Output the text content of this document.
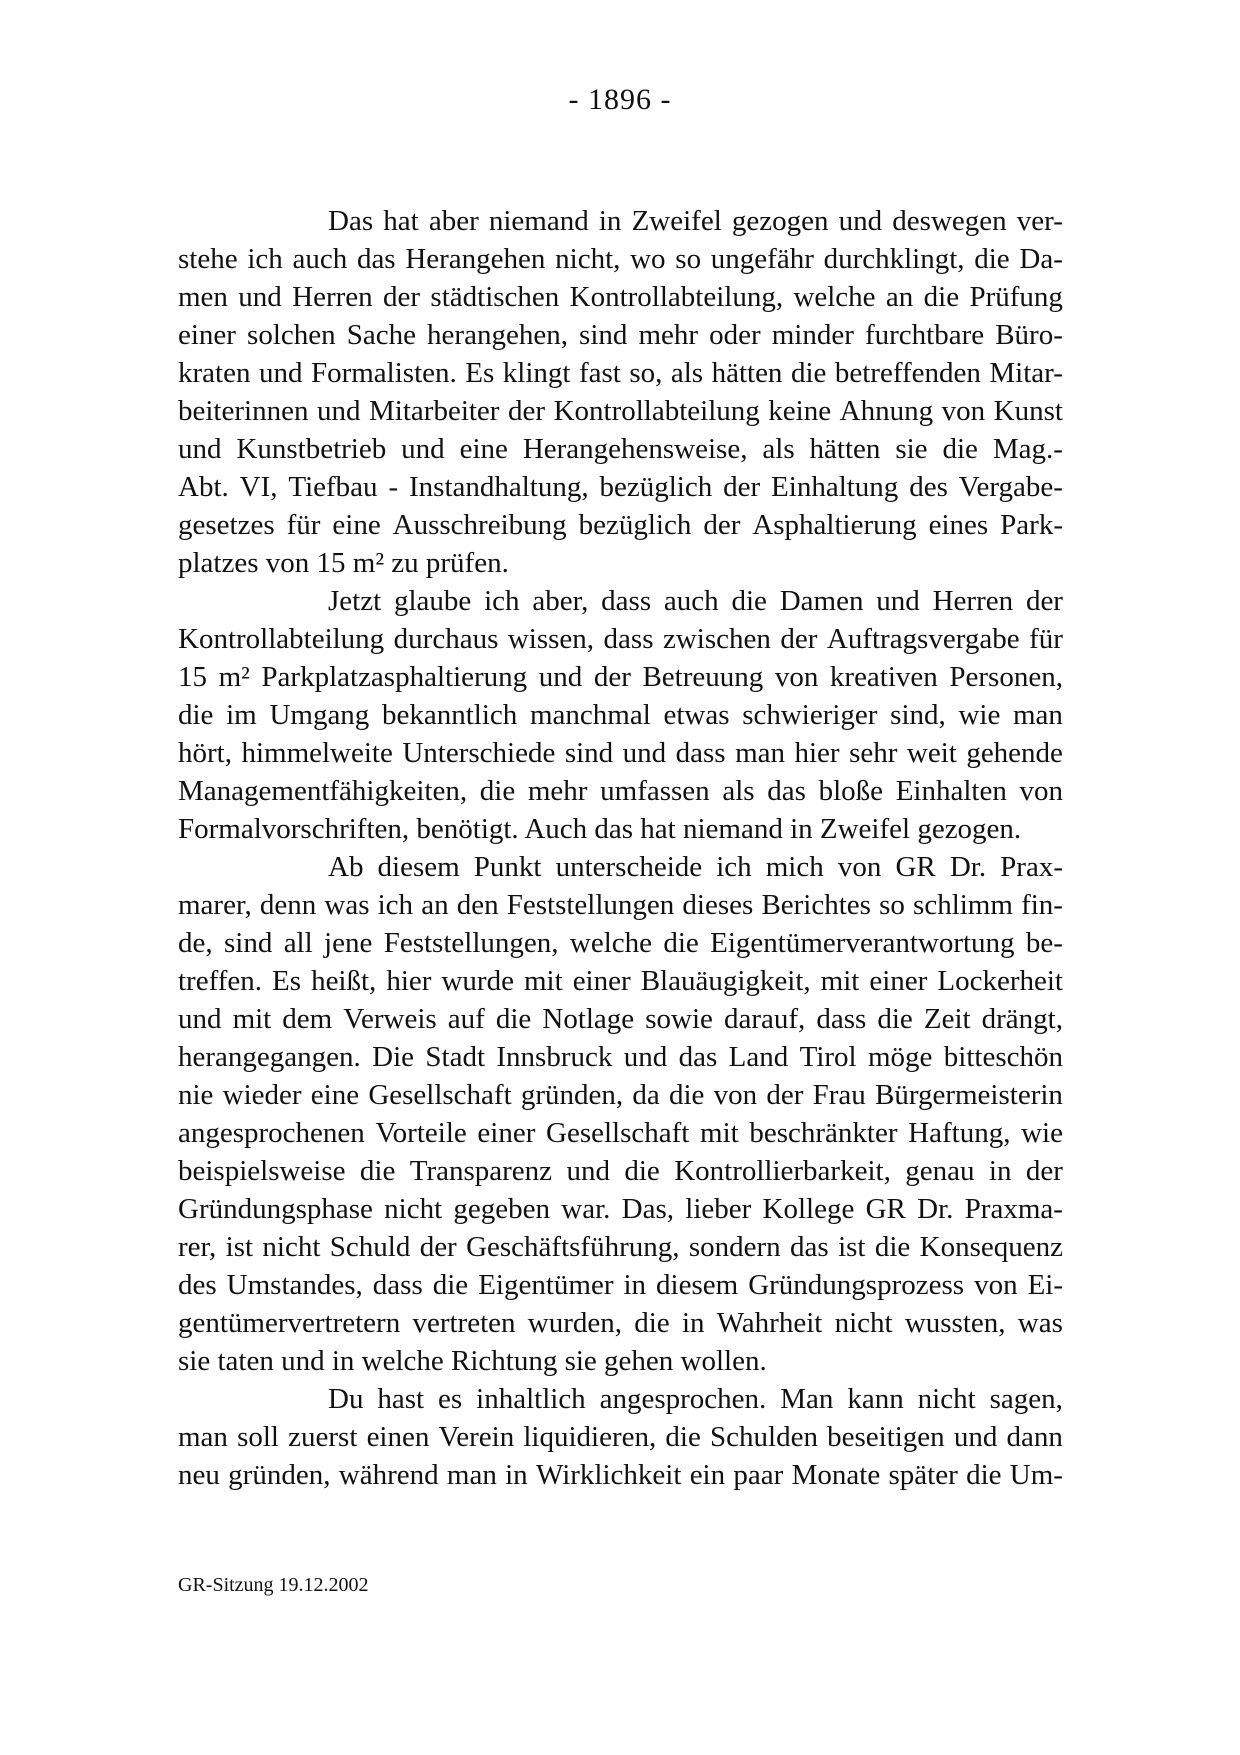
- 1896 -
Das hat aber niemand in Zweifel gezogen und deswegen ver-
stehe ich auch das Herangehen nicht, wo so ungefähr durchklingt, die Da-
men und Herren der städtischen Kontrollabteilung, welche an die Prüfung
einer solchen Sache herangehen, sind mehr oder minder furchtbare Büro-
kraten und Formalisten. Es klingt fast so, als hätten die betreffenden Mitar-
beiterinnen und Mitarbeiter der Kontrollabteilung keine Ahnung von Kunst
und Kunstbetrieb und eine Herangehensweise, als hätten sie die Mag.-
Abt. VI, Tiefbau - Instandhaltung, bezüglich der Einhaltung des Vergabe-
gesetzes für eine Ausschreibung bezüglich der Asphaltierung eines Park-
platzes von 15 m² zu prüfen.
Jetzt glaube ich aber, dass auch die Damen und Herren der
Kontrollabteilung durchaus wissen, dass zwischen der Auftragsvergabe für
15 m² Parkplatzasphaltierung und der Betreuung von kreativen Personen,
die im Umgang bekanntlich manchmal etwas schwieriger sind, wie man
hört, himmelweite Unterschiede sind und dass man hier sehr weit gehende
Managementfähigkeiten, die mehr umfassen als das bloße Einhalten von
Formalvorschriften, benötigt. Auch das hat niemand in Zweifel gezogen.
Ab diesem Punkt unterscheide ich mich von GR Dr. Prax-
marer, denn was ich an den Feststellungen dieses Berichtes so schlimm fin-
de, sind all jene Feststellungen, welche die Eigentümerverantwortung be-
treffen. Es heißt, hier wurde mit einer Blauäugigkeit, mit einer Lockerheit
und mit dem Verweis auf die Notlage sowie darauf, dass die Zeit drängt,
herangegangen. Die Stadt Innsbruck und das Land Tirol möge bitteschön
nie wieder eine Gesellschaft gründen, da die von der Frau Bürgermeisterin
angesprochenen Vorteile einer Gesellschaft mit beschränkter Haftung, wie
beispielsweise die Transparenz und die Kontrollierbarkeit, genau in der
Gründungsphase nicht gegeben war. Das, lieber Kollege GR Dr. Praxma-
rer, ist nicht Schuld der Geschäftsführung, sondern das ist die Konsequenz
des Umstandes, dass die Eigentümer in diesem Gründungsprozess von Ei-
gentümervertretern vertreten wurden, die in Wahrheit nicht wussten, was
sie taten und in welche Richtung sie gehen wollen.
Du hast es inhaltlich angesprochen. Man kann nicht sagen,
man soll zuerst einen Verein liquidieren, die Schulden beseitigen und dann
neu gründen, während man in Wirklichkeit ein paar Monate später die Um-
GR-Sitzung 19.12.2002
